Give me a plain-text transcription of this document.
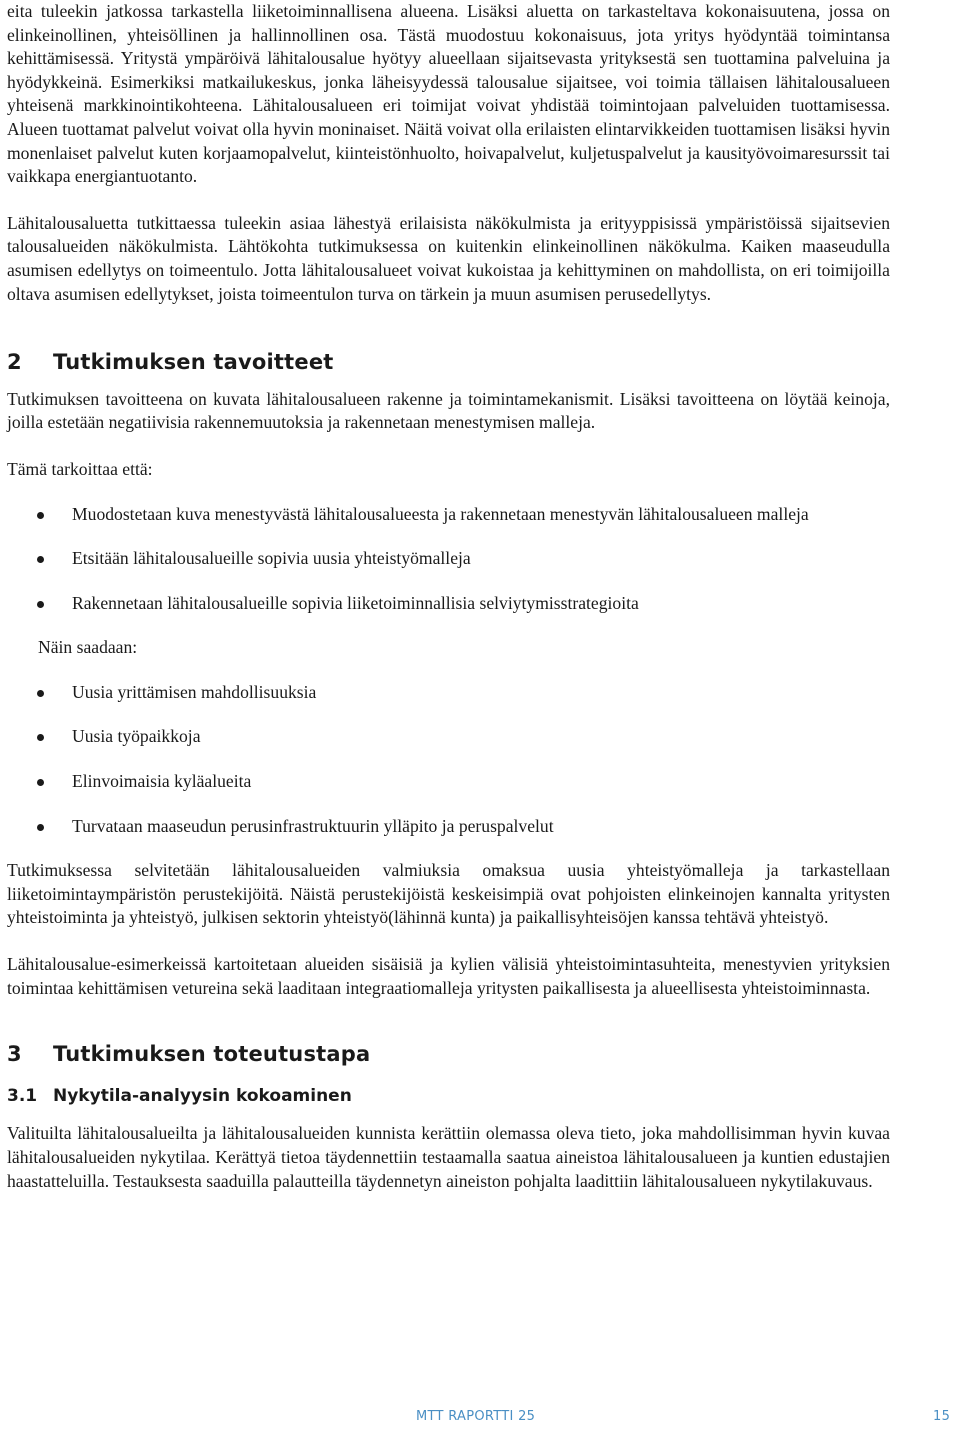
eita tuleekin jatkossa tarkastella liiketoiminnallisena alueena. Lisäksi aluetta on tarkasteltava kokonaisuutena, jossa on elinkeinollinen, yhteisöllinen ja hallinnollinen osa. Tästä muodostuu kokonaisuus, jota yritys hyödyntää toimintansa kehittämisessä. Yritystä ympäröivä lähitalousalue hyötyy alueellaan sijaitsevasta yrityksestä sen tuottamina palveluina ja hyödykkeinä. Esimerkiksi matkailukeskus, jonka läheisyydessä talousalue sijaitsee, voi toimia tällaisen lähitalousalueen yhteisenä markkinointikohteena. Lähitalousalueen eri toimijat voivat yhdistää toimintojaan palveluiden tuottamisessa. Alueen tuottamat palvelut voivat olla hyvin moninaiset. Näitä voivat olla erilaisten elintarvikkeiden tuottamisen lisäksi hyvin monenlaiset palvelut kuten korjaamopalvelut, kiinteistönhuolto, hoivapalvelut, kuljetuspalvelut ja kausityövoimaresurssit tai vaikkapa energiantuotanto.

Lähitalousaluetta tutkittaessa tuleekin asiaa lähestyä erilaisista näkökulmista ja erityyppisissä ympäristöissä sijaitsevien talousalueiden näkökulmista. Lähtökohta tutkimuksessa on kuitenkin elinkeinollinen näkökulma. Kaiken maaseudulla asumisen edellytys on toimeentulo. Jotta lähitalousalueet voivat kukoistaa ja kehittyminen on mahdollista, on eri toimijoilla oltava asumisen edellytykset, joista toimeentulon turva on tärkein ja muun asumisen perusedellytys.

2	Tutkimuksen tavoitteet

Tutkimuksen tavoitteena on kuvata lähitalousalueen rakenne ja toimintamekanismit. Lisäksi tavoitteena on löytää keinoja, joilla estetään negatiivisia rakennemuutoksia ja rakennetaan menestymisen malleja.

Tämä tarkoittaa että:

Muodostetaan kuva menestyvästä lähitalousalueesta ja rakennetaan menestyvän lähitalousalueen malleja
Etsitään lähitalousalueille sopivia uusia yhteistyömalleja
Rakennetaan lähitalousalueille sopivia liiketoiminnallisia selviytymisstrategioita

Näin saadaan:

Uusia yrittämisen mahdollisuuksia
Uusia työpaikkoja
Elinvoimaisia kyläalueita
Turvataan maaseudun perusinfrastruktuurin ylläpito ja peruspalvelut

Tutkimuksessa selvitetään lähitalousalueiden valmiuksia omaksua uusia yhteistyömalleja ja tarkastellaan liiketoimintaympäristön perustekijöitä. Näistä perustekijöistä keskeisimpiä ovat pohjoisten elinkeinojen kannalta yritysten yhteistoiminta ja yhteistyö, julkisen sektorin yhteistyö(lähinnä kunta) ja paikallisyhteisöjen kanssa tehtävä yhteistyö.

Lähitalousalue-esimerkeissä kartoitetaan alueiden sisäisiä ja kylien välisiä yhteistoimintasuhteita, menestyvien yrityksien toimintaa kehittämisen vetureina sekä laaditaan integraatiomalleja yritysten paikallisesta ja alueellisesta yhteistoiminnasta.

3	Tutkimuksen toteutustapa
3.1 Nykytila-analyysin kokoaminen

Valituilta lähitalousalueilta ja lähitalousalueiden kunnista kerättiin olemassa oleva tieto, joka mahdollisimman hyvin kuvaa lähitalousalueiden nykytilaa. Kerättyä tietoa täydennettiin testaamalla saatua aineistoa lähitalousalueen ja kuntien edustajien haastatteluilla. Testauksesta saaduilla palautteilla täydennetyn aineiston pohjalta laadittiin lähitalousalueen nykytilakuvaus.

MTT RAPORTTI 25	15
